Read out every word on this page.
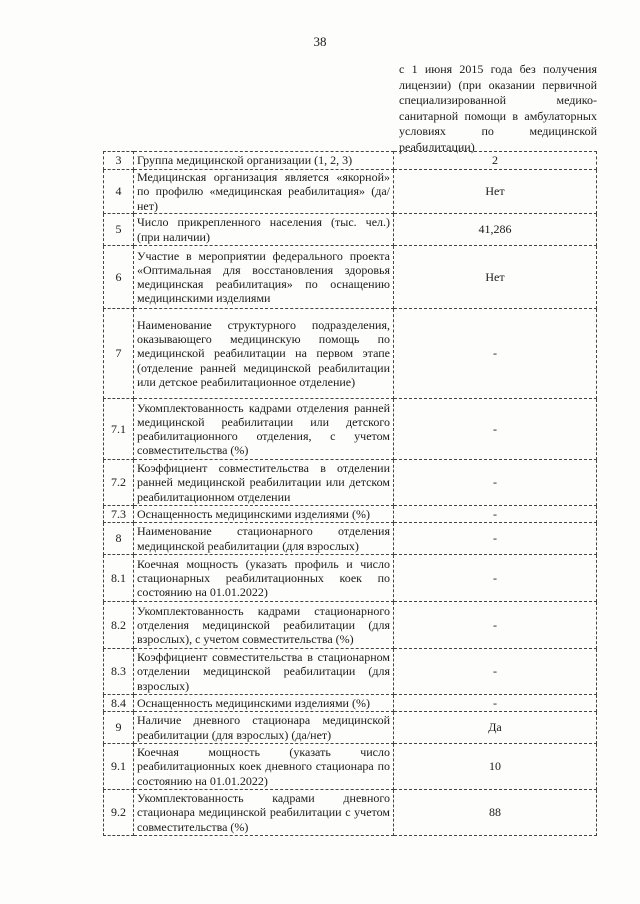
38
с 1 июня 2015 года без получения лицензии) (при оказании первичной специализированной медико-санитарной помощи в амбулаторных условиях по медицинской реабилитации)
3	Группа медицинской организации (1, 2, 3)	2
4	Медицинская организация является «якорной» по профилю «медицинская реабилитация» (да/нет)	Нет
5	Число прикрепленного населения (тыс. чел.) (при наличии)	41,286
6	Участие в мероприятии федерального проекта «Оптимальная для восстановления здоровья медицинская реабилитация» по оснащению медицинскими изделиями	Нет
7	Наименование структурного подразделения, оказывающего медицинскую помощь по медицинской реабилитации на первом этапе (отделение ранней медицинской реабилитации или детское реабилитационное отделение)	-
7.1	Укомплектованность кадрами отделения ранней медицинской реабилитации или детского реабилитационного отделения, с учетом совместительства (%)	-
7.2	Коэффициент совместительства в отделении ранней медицинской реабилитации или детском реабилитационном отделении	-
7.3	Оснащенность медицинскими изделиями (%)	-
8	Наименование стационарного отделения медицинской реабилитации (для взрослых)	-
8.1	Коечная мощность (указать профиль и число стационарных реабилитационных коек по состоянию на 01.01.2022)	-
8.2	Укомплектованность кадрами стационарного отделения медицинской реабилитации (для взрослых), с учетом совместительства (%)	-
8.3	Коэффициент совместительства в стационарном отделении медицинской реабилитации (для взрослых)	-
8.4	Оснащенность медицинскими изделиями (%)	-
9	Наличие дневного стационара медицинской реабилитации (для взрослых) (да/нет)	Да
9.1	Коечная мощность (указать число реабилитационных коек дневного стационара по состоянию на 01.01.2022)	10
9.2	Укомплектованность кадрами дневного стационара медицинской реабилитации с учетом совместительства (%)	88
